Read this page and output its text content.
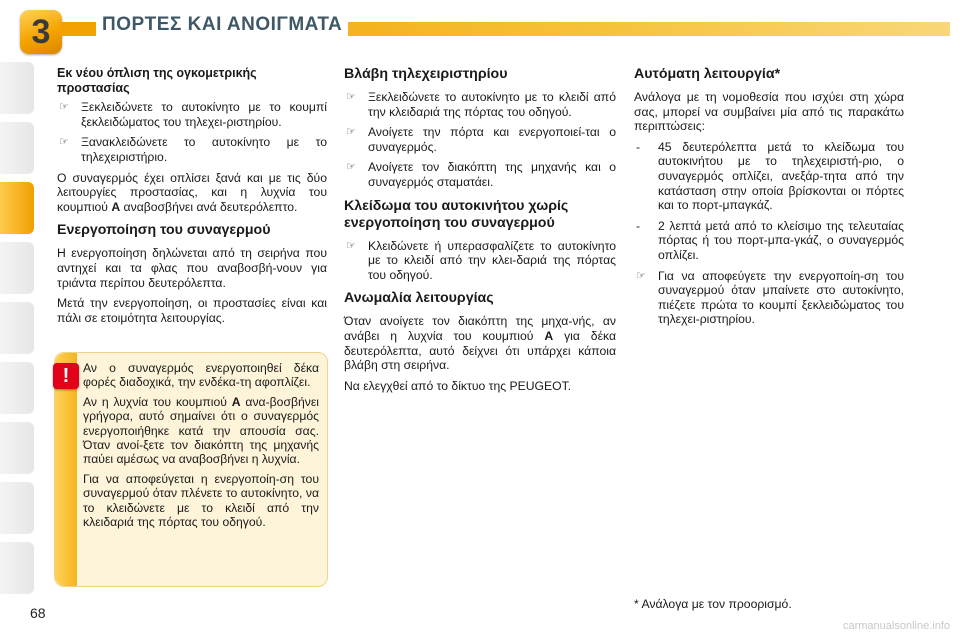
3	ΠΟΡΤΕΣ ΚΑΙ ΑΝΟΙΓΜΑΤΑ
Εκ νέου όπλιση της ογκομετρικής προστασίας
☞ Ξεκλειδώνετε το αυτοκίνητο με το κουμπί ξεκλειδώματος του τηλεχει-ριστηρίου.
☞ Ξανακλειδώνετε το αυτοκίνητο με το τηλεχειριστήριο.

Ο συναγερμός έχει οπλίσει ξανά και με τις δύο λειτουργίες προστασίας, και η λυχνία του κουμπιού A αναβοσβήνει ανά δευτερόλεπτο.

Ενεργοποίηση του συναγερμού

Η ενεργοποίηση δηλώνεται από τη σειρήνα που αντηχεί και τα φλας που αναβοσβή-νουν για τριάντα περίπου δευτερόλεπτα.

Μετά την ενεργοποίηση, οι προστασίες είναι και πάλι σε ετοιμότητα λειτουργίας.

!	Αν ο συναγερμός ενεργοποιηθεί δέκα φορές διαδοχικά, την ενδέκα-τη αφοπλίζει.

Αν η λυχνία του κουμπιού A ανα-βοσβήνει γρήγορα, αυτό σημαίνει ότι ο συναγερμός ενεργοποιήθηκε κατά την απουσία σας. Όταν ανοί-ξετε τον διακόπτη της μηχανής παύει αμέσως να αναβοσβήνει η λυχνία.

Για να αποφεύγεται η ενεργοποίη-ση του συναγερμού όταν πλένετε το αυτοκίνητο, να το κλειδώνετε με το κλειδί από την κλειδαριά της πόρτας του οδηγού.

Βλάβη τηλεχειριστηρίου
☞ Ξεκλειδώνετε το αυτοκίνητο με το κλειδί από την κλειδαριά της πόρτας του οδηγού.
☞ Ανοίγετε την πόρτα και ενεργοποιεί-ται ο συναγερμός.
☞ Ανοίγετε τον διακόπτη της μηχανής και ο συναγερμός σταματάει.
Κλείδωμα του αυτοκινήτου χωρίς ενεργοποίηση του συναγερμού
☞ Κλειδώνετε ή υπερασφαλίζετε το αυτοκίνητο με το κλειδί από την κλει-δαριά της πόρτας του οδηγού.
Ανωμαλία λειτουργίας

Όταν ανοίγετε τον διακόπτη της μηχα-νής, αν ανάβει η λυχνία του κουμπιού A για δέκα δευτερόλεπτα, αυτό δείχνει ότι υπάρχει κάποια βλάβη στη σειρήνα.

Να ελεγχθεί από το δίκτυο της PEUGEOT.

Αυτόματη λειτουργία*

Ανάλογα με τη νομοθεσία που ισχύει στη χώρα σας, μπορεί να συμβαίνει μία από τις παρακάτω περιπτώσεις:

- 45 δευτερόλεπτα μετά το κλείδωμα του αυτοκινήτου με το τηλεχειριστή-ριο, ο συναγερμός οπλίζει, ανεξάρ-τητα από την κατάσταση στην οποία βρίσκονται οι πόρτες και το πορτ-μπαγκάζ.
- 2 λεπτά μετά από το κλείσιμο της τελευταίας πόρτας ή του πορτ-μπα-γκάζ, ο συναγερμός οπλίζει.
☞ Για να αποφεύγετε την ενεργοποίη-ση του συναγερμού όταν μπαίνετε στο αυτοκίνητο, πιέζετε πρώτα το κουμπί ξεκλειδώματος του τηλεχει-ριστηρίου.
* Ανάλογα με τον προορισμό.
68
carmanualsonline.info
